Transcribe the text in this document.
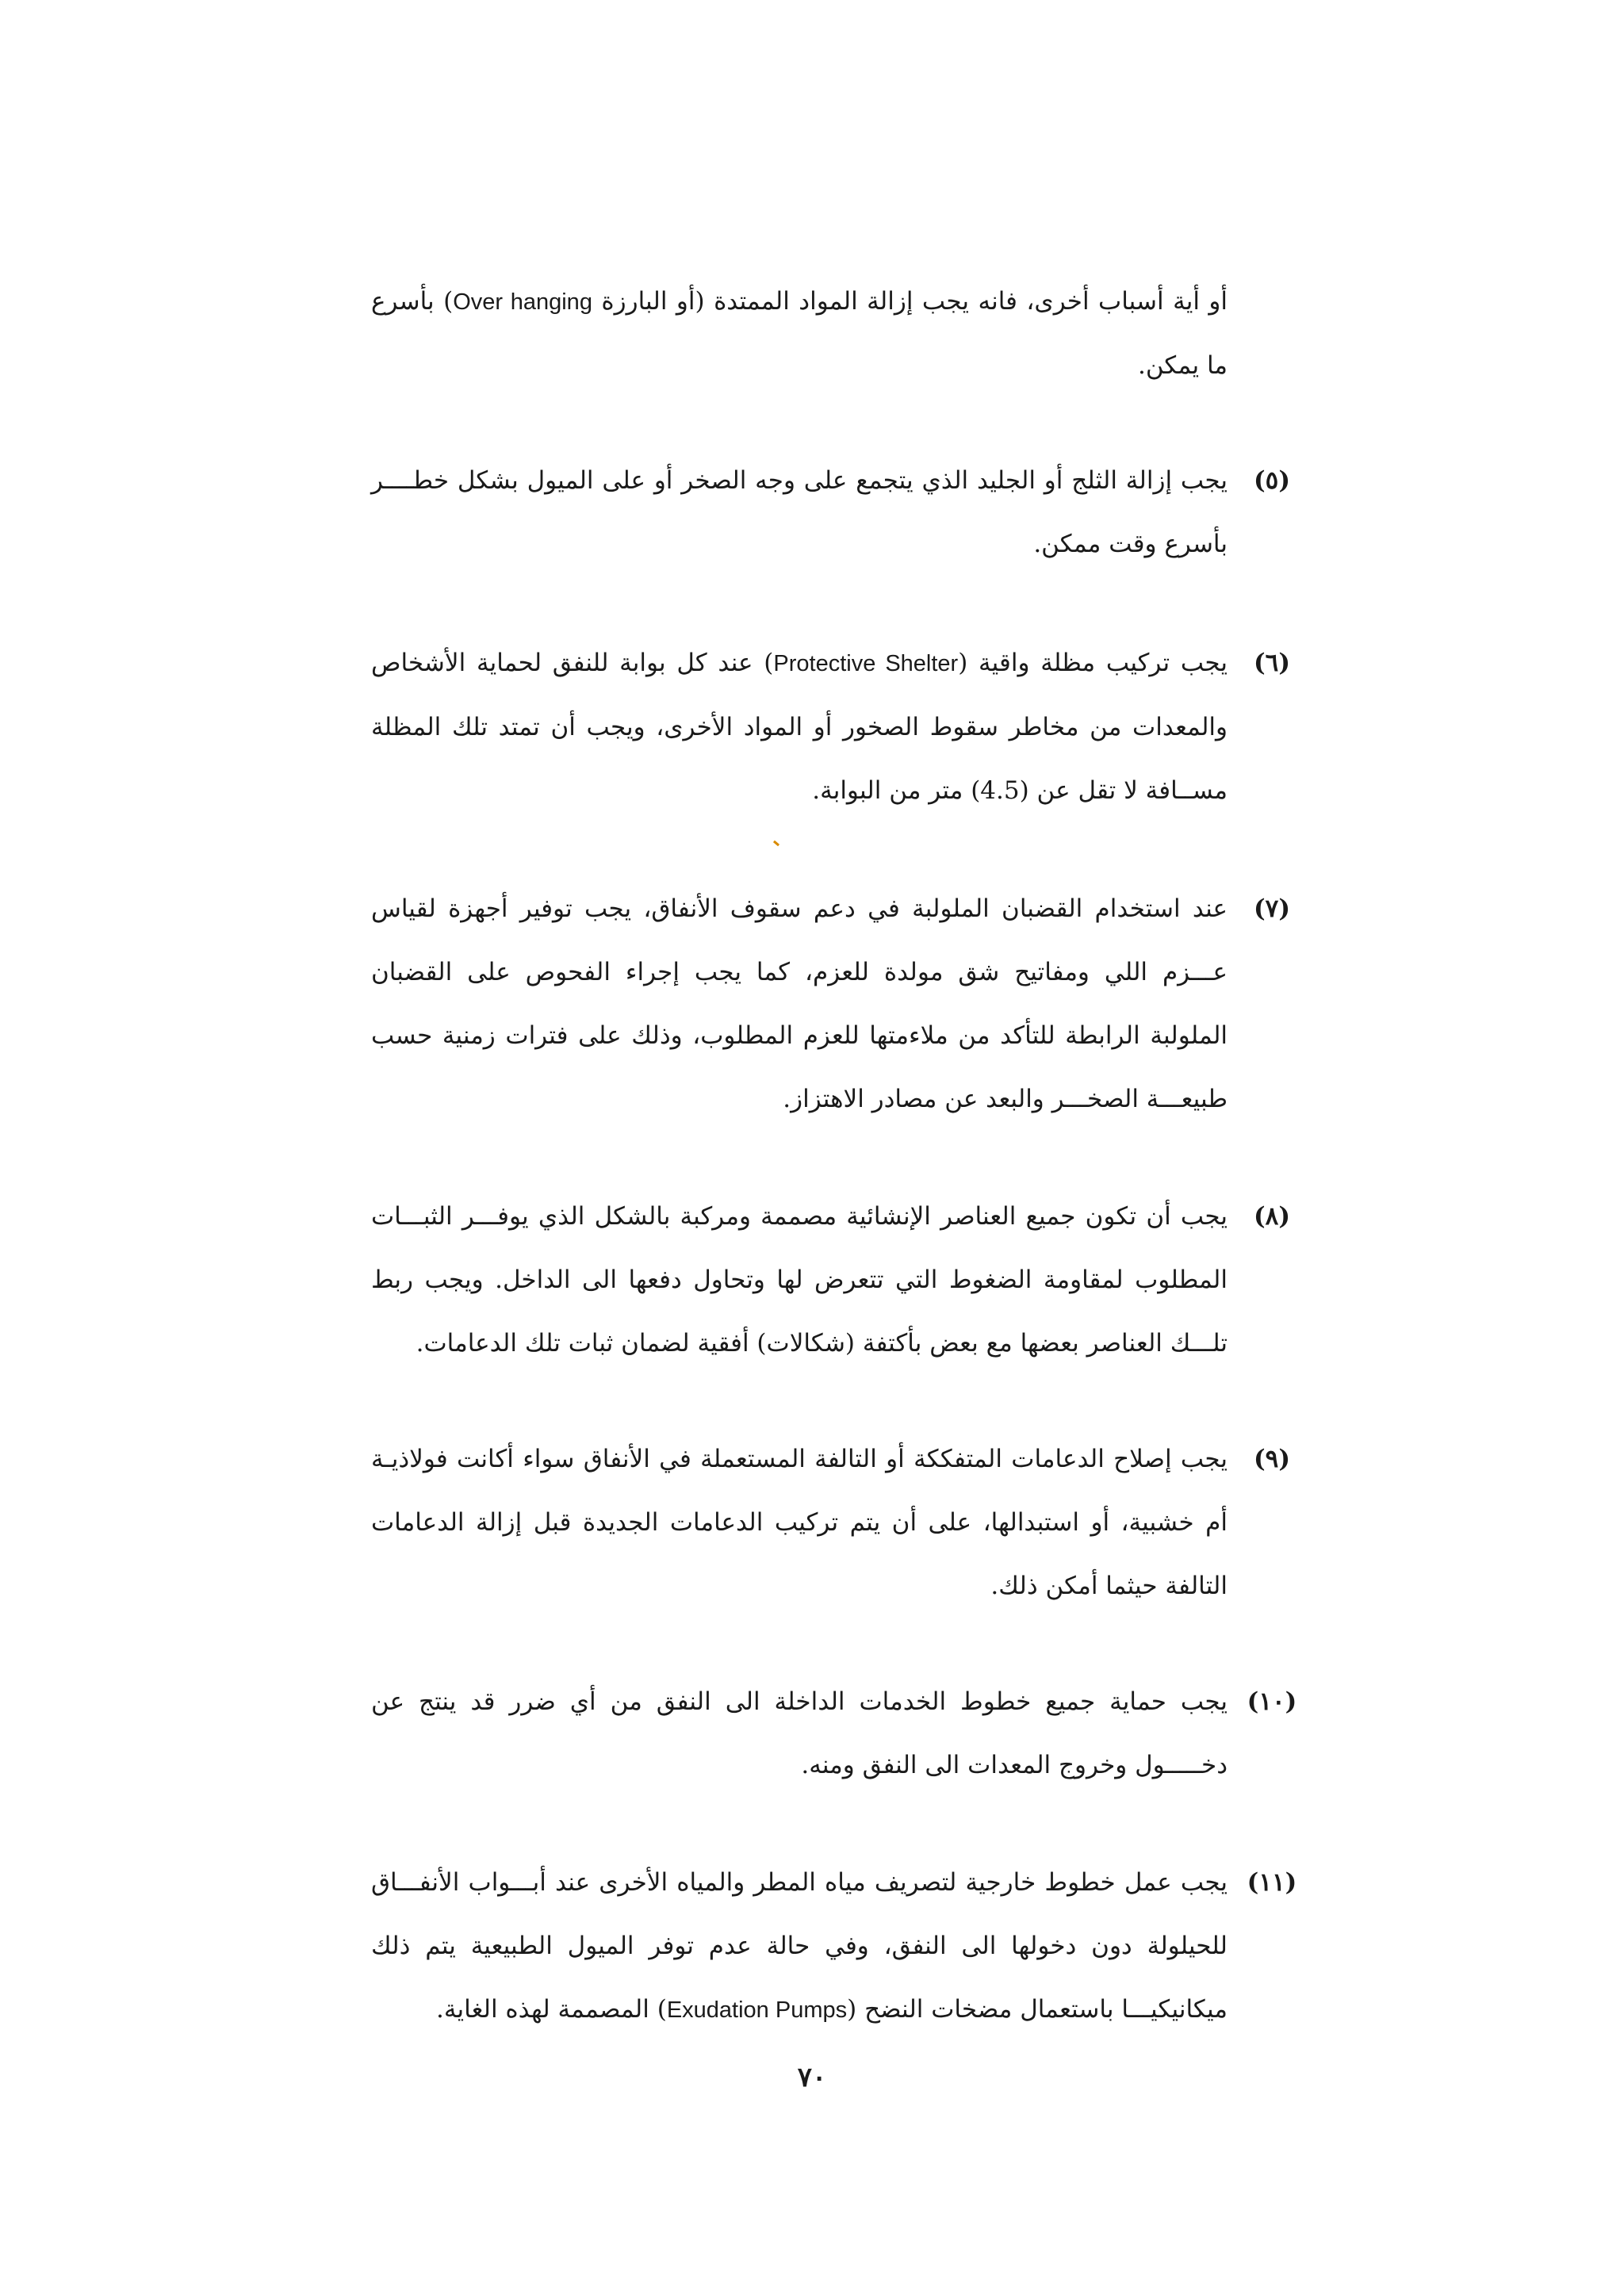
أو أية أسباب أخرى، فانه يجب إزالة المواد الممتدة (أو البارزة Over hanging) بأسرع ما يمكن.
(٥)
يجب إزالة الثلج أو الجليد الذي يتجمع على وجه الصخر أو على الميول بشكل خطــــر بأسرع وقت ممكن.
(٦)
يجب تركيب مظلة واقية (Protective Shelter) عند كل بوابة للنفق لحماية الأشخاص والمعدات من مخاطر سقوط الصخور أو المواد الأخرى، ويجب أن تمتد تلك المظلة مســافة لا تقل عن (4.5) متر من البوابة.
(٧)
عند استخدام القضبان الملولبة في دعم سقوف الأنفاق، يجب توفير أجهزة لقياس عـــزم اللي ومفاتيح شق مولدة للعزم، كما يجب إجراء الفحوص على القضبان الملولبة الرابطة للتأكد من ملاءمتها للعزم المطلوب، وذلك على فترات زمنية حسب طبيعـــة الصخـــر والبعد عن مصادر الاهتزاز.
(٨)
يجب أن تكون جميع العناصر الإنشائية مصممة ومركبة بالشكل الذي يوفـــر الثبـــات المطلوب لمقاومة الضغوط التي تتعرض لها وتحاول دفعها الى الداخل. ويجب ربط تلـــك العناصر بعضها مع بعض بأكتفة (شكالات) أفقية لضمان ثبات تلك الدعامات.
(٩)
يجب إصلاح الدعامات المتفككة أو التالفة المستعملة في الأنفاق سواء أكانت فولاذيـة أم خشبية، أو استبدالها، على أن يتم تركيب الدعامات الجديدة قبل إزالة الدعامات التالفة حيثما أمكن ذلك.
(١٠)
يجب حماية جميع خطوط الخدمات الداخلة الى النفق من أي ضرر قد ينتج عن دخـــــول وخروج المعدات الى النفق ومنه.
(١١)
يجب عمل خطوط خارجية لتصريف مياه المطر والمياه الأخرى عند أبـــواب الأنفـــاق للحيلولة دون دخولها الى النفق، وفي حالة عدم توفر الميول الطبيعية يتم ذلك ميكانيكيـــا باستعمال مضخات النضح (Exudation Pumps) المصممة لهذه الغاية.
٧٠
